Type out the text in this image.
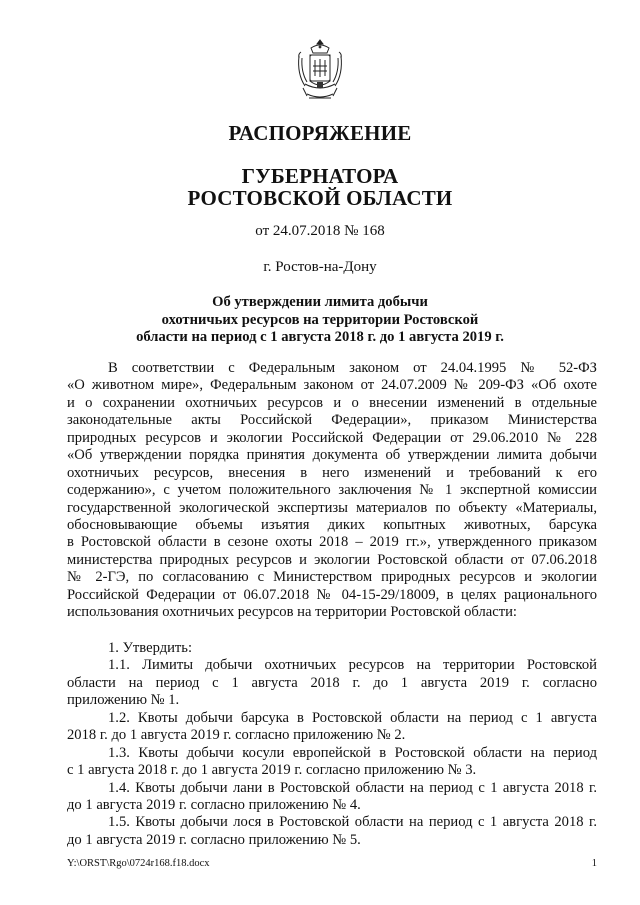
РАСПОРЯЖЕНИЕ
ГУБЕРНАТОРА
РОСТОВСКОЙ ОБЛАСТИ
от 24.07.2018 № 168
г. Ростов-на-Дону
Об утверждении лимита добычи
охотничьих ресурсов на территории Ростовской
области на период с 1 августа 2018 г. до 1 августа 2019 г.
В соответствии с Федеральным законом от 24.04.1995 № 52-ФЗ
«О животном мире», Федеральным законом от 24.07.2009 № 209-ФЗ «Об охоте
и о сохранении охотничьих ресурсов и о внесении изменений в отдельные
законодательные акты Российской Федерации», приказом Министерства
природных ресурсов и экологии Российской Федерации от 29.06.2010 № 228
«Об утверждении порядка принятия документа об утверждении лимита добычи
охотничьих ресурсов, внесения в него изменений и требований к его
содержанию», с учетом положительного заключения № 1 экспертной комиссии
государственной экологической экспертизы материалов по объекту «Материалы,
обосновывающие объемы изъятия диких копытных животных, барсука
в Ростовской области в сезоне охоты 2018 – 2019 гг.», утвержденного приказом
министерства природных ресурсов и экологии Ростовской области от 07.06.2018
№ 2-ГЭ, по согласованию с Министерством природных ресурсов и экологии
Российской Федерации от 06.07.2018 № 04-15-29/18009, в целях рационального
использования охотничьих ресурсов на территории Ростовской области:
1. Утвердить:
1.1. Лимиты добычи охотничьих ресурсов на территории Ростовской
области на период с 1 августа 2018 г. до 1 августа 2019 г. согласно
приложению № 1.
1.2. Квоты добычи барсука в Ростовской области на период с 1 августа
2018 г. до 1 августа 2019 г. согласно приложению № 2.
1.3. Квоты добычи косули европейской в Ростовской области на период
с 1 августа 2018 г. до 1 августа 2019 г. согласно приложению № 3.
1.4. Квоты добычи лани в Ростовской области на период с 1 августа 2018 г.
до 1 августа 2019 г. согласно приложению № 4.
1.5. Квоты добычи лося в Ростовской области на период с 1 августа 2018 г.
до 1 августа 2019 г. согласно приложению № 5.
Y:\ORST\Rgo\0724r168.f18.docx	1
